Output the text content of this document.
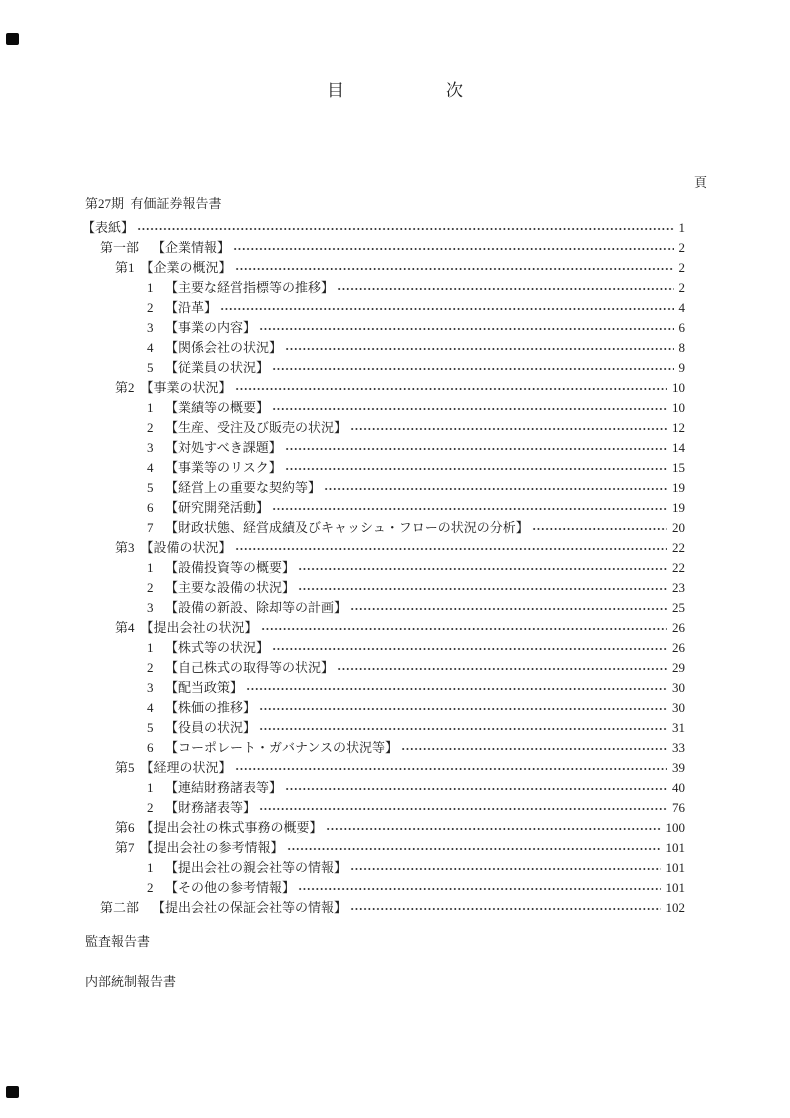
目　　　　　　次
頁
第27期 有価証券報告書
【表紙】	1
第一部 【企業情報】	2
第1 【企業の概況】	2
1 【主要な経営指標等の推移】	2
2 【沿革】	4
3 【事業の内容】	6
4 【関係会社の状況】	8
5 【従業員の状況】	9
第2 【事業の状況】	10
1 【業績等の概要】	10
2 【生産、受注及び販売の状況】	12
3 【対処すべき課題】	14
4 【事業等のリスク】	15
5 【経営上の重要な契約等】	19
6 【研究開発活動】	19
7 【財政状態、経営成績及びキャッシュ・フローの状況の分析】	20
第3 【設備の状況】	22
1 【設備投資等の概要】	22
2 【主要な設備の状況】	23
3 【設備の新設、除却等の計画】	25
第4 【提出会社の状況】	26
1 【株式等の状況】	26
2 【自己株式の取得等の状況】	29
3 【配当政策】	30
4 【株価の推移】	30
5 【役員の状況】	31
6 【コーポレート・ガバナンスの状況等】	33
第5 【経理の状況】	39
1 【連結財務諸表等】	40
2 【財務諸表等】	76
第6 【提出会社の株式事務の概要】	100
第7 【提出会社の参考情報】	101
1 【提出会社の親会社等の情報】	101
2 【その他の参考情報】	101
第二部 【提出会社の保証会社等の情報】	102
監査報告書
内部統制報告書
